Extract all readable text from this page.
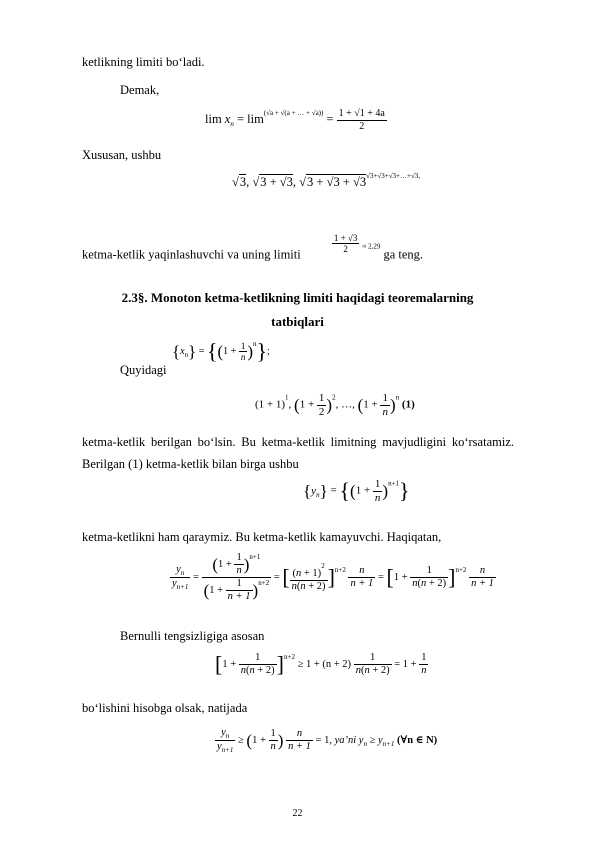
ketlikning limiti bo‘ladi.
Demak,
$\lim x_n = \lim^{(√a + √(a + \dots + √a))} = \frac{1 + √1 + 4a}{2}$
Xususan, ushbu
√3, √3 + √3, $√3 + √3 + √3^{√3+√3+√3+\dots+√3,}$
ketma-ketlik yaqinlashuvchi va uning limiti	$\frac{1 + √3}{2} ^{\approx 2,29}$ ga teng.
2.3§. Monoton ketma-ketlikning limiti haqidagi teoremalarning
tatbiqlari
Quyidagi
$\{x_n\} = \{(1 + \frac{1}{n} )^n\}$;
$(1 + 1)^1$, $(1 + \frac{1}{2} )^2$, …, $(1 + \frac{1}{n} )^n$ (1)
ketma-ketlik berilgan bo‘lsin. Bu ketma-ketlik limitning mavjudligini ko‘rsatamiz.
Berilgan (1) ketma-ketlik bilan birga ushbu
$\{y_n\} = \{(1 + \frac{1}{n} )^{n+1}\}$
ketma-ketlikni ham qaraymiz. Bu ketma-ketlik kamayuvchi. Haqiqatan,
$\frac{y_n}{y_{n+1}} = \frac{(1 + \frac{1}{n} )^{n+1}}{(1 + \frac{1}{n + 1} )^{n+2}}$ = [ $\frac{(n + 1)^2}{n(n + 2)} ]^{n+2} \frac{n}{n + 1} = [1 + \frac{1}{n(n + 2)} ]^{n+2} \frac{n}{n + 1}$
Bernulli tengsizligiga asosan
$[1 + \frac{1}{n(n + 2)} ]^{n+2} \ge 1 + (n + 2) \frac{1}{n(n + 2)} = 1 + \frac{1}{n}$
bo‘lishini hisobga olsak, natijada
$\frac{y_n}{y_{n+1}} \ge (1 + \frac{1}{n}$ ) $\frac{n}{n + 1} = 1$, ya’ni $y_n \ge y_{n+1}$ (∀n ∈ N)
22
